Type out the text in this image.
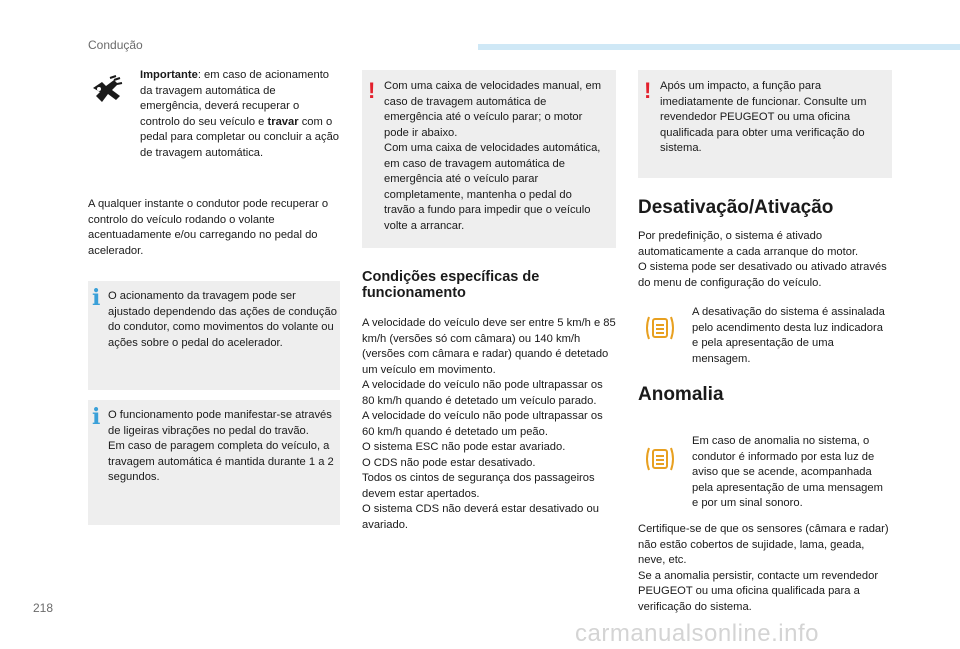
Condução
Importante: em caso de acionamento da travagem automática de emergência, deverá recuperar o controlo do seu veículo e travar com o pedal para completar ou concluir a ação de travagem automática.
A qualquer instante o condutor pode recuperar o controlo do veículo rodando o volante acentuadamente e/ou carregando no pedal do acelerador.
i O acionamento da travagem pode ser ajustado dependendo das ações de condução do condutor, como movimentos do volante ou ações sobre o pedal do acelerador.
i O funcionamento pode manifestar-se através de ligeiras vibrações no pedal do travão.

Em caso de paragem completa do veículo, a travagem automática é mantida durante 1 a 2 segundos.

! Com uma caixa de velocidades manual, em caso de travagem automática de emergência até o veículo parar; o motor pode ir abaixo.

Com uma caixa de velocidades automática, em caso de travagem automática de emergência até o veículo parar completamente, mantenha o pedal do travão a fundo para impedir que o veículo volte a arrancar.

Condições específicas de funcionamento

A velocidade do veículo deve ser entre 5 km/h e 85 km/h (versões só com câmara) ou 140 km/h (versões com câmara e radar) quando é detetado um veículo em movimento.

A velocidade do veículo não pode ultrapassar os 80 km/h quando é detetado um veículo parado.

A velocidade do veículo não pode ultrapassar os 60 km/h quando é detetado um peão.

O sistema ESC não pode estar avariado.

O CDS não pode estar desativado.

Todos os cintos de segurança dos passageiros devem estar apertados.

O sistema CDS não deverá estar desativado ou avariado.

! Após um impacto, a função para imediatamente de funcionar. Consulte um revendedor PEUGEOT ou uma oficina qualificada para obter uma verificação do sistema.
Desativação/Ativação

Por predefinição, o sistema é ativado automaticamente a cada arranque do motor.

O sistema pode ser desativado ou ativado através do menu de configuração do veículo.

A desativação do sistema é assinalada pelo acendimento desta luz indicadora e pela apresentação de uma mensagem.
Anomalia
Em caso de anomalia no sistema, o condutor é informado por esta luz de aviso que se acende, acompanhada pela apresentação de uma mensagem e por um sinal sonoro.

Certifique-se de que os sensores (câmara e radar) não estão cobertos de sujidade, lama, geada, neve, etc.

Se a anomalia persistir, contacte um revendedor PEUGEOT ou uma oficina qualificada para a verificação do sistema.

218
carmanualsonline.info
